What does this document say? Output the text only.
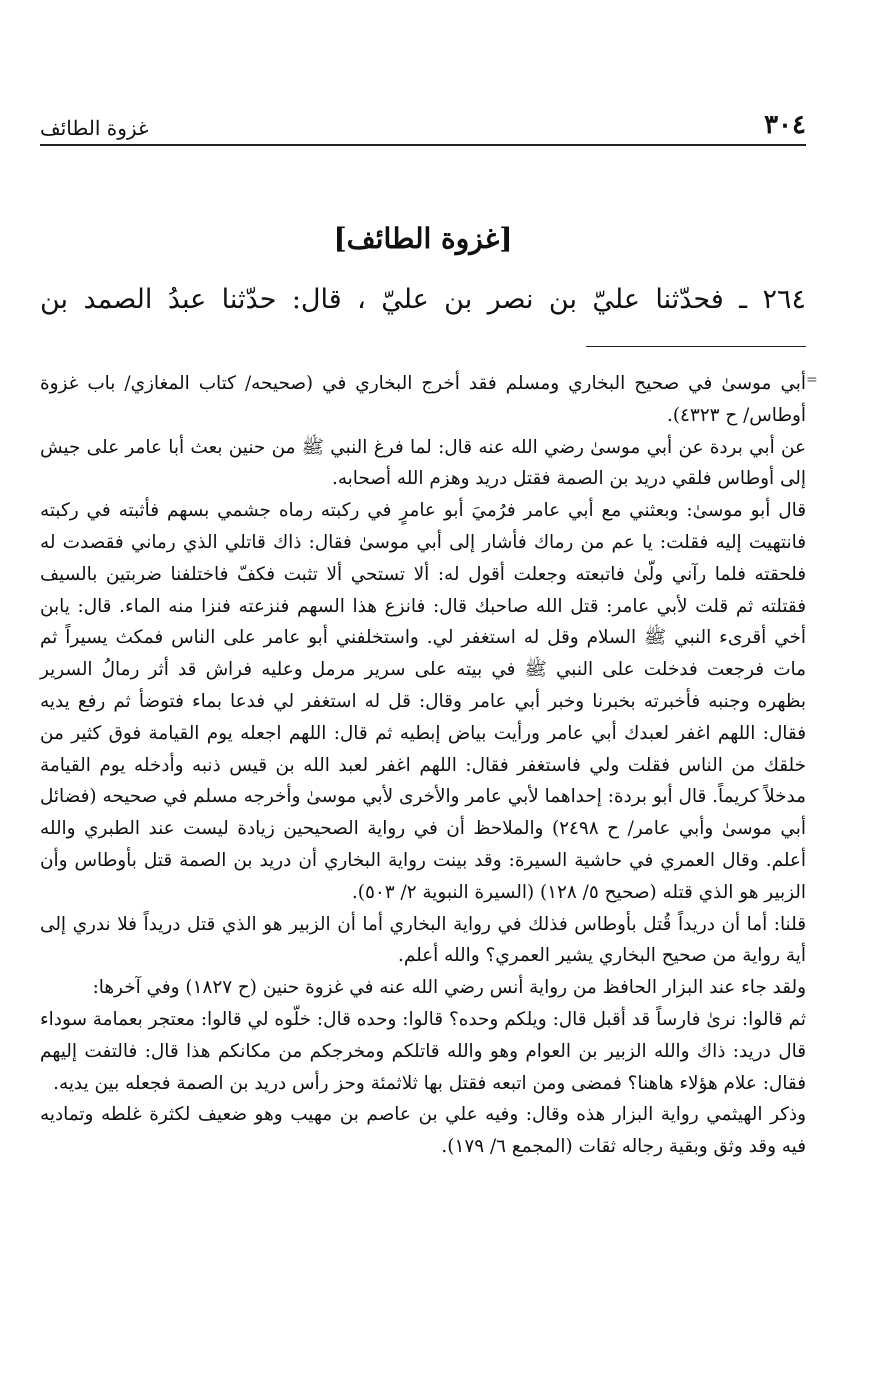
٣٠٤
غزوة الطائف
[غزوة الطائف]
٢٦٤ ـ فحدّثنا عليّ بن نصر بن عليّ ، قال: حدّثنا عبدُ الصمد بن
=

أبي موسىٰ في صحيح البخاري ومسلم فقد أخرج البخاري في (صحيحه/ كتاب المغازي/ باب غزوة أوطاس/ ح ٤٣٢٣).

عن أبي بردة عن أبي موسىٰ رضي الله عنه قال: لما فرغ النبي ﷺ من حنين بعث أبا عامر على جيش إلى أوطاس فلقي دريد بن الصمة فقتل دريد وهزم الله أصحابه.

قال أبو موسىٰ: وبعثني مع أبي عامر فرُميَ أبو عامرٍ في ركبته رماه جشمي بسهم فأثبته في ركبته فانتهيت إليه فقلت: يا عم من رماك فأشار إلى أبي موسىٰ فقال: ذاك قاتلي الذي رماني فقصدت له فلحقته فلما رآني ولّىٰ فاتبعته وجعلت أقول له: ألا تستحي ألا تثبت فكفّ فاختلفنا ضربتين بالسيف فقتلته ثم قلت لأبي عامر: قتل الله صاحبك قال: فانزع هذا السهم فنزعته فنزا منه الماء. قال: يابن أخي أقرىء النبي ﷺ السلام وقل له استغفر لي. واستخلفني أبو عامر على الناس فمكث يسيراً ثم مات فرجعت فدخلت على النبي ﷺ في بيته على سرير مرمل وعليه فراش قد أثر رمالُ السرير بظهره وجنبه فأخبرته بخبرنا وخبر أبي عامر وقال: قل له استغفر لي فدعا بماء فتوضأ ثم رفع يديه فقال: اللهم اغفر لعبدك أبي عامر ورأيت بياض إبطيه ثم قال: اللهم اجعله يوم القيامة فوق كثير من خلقك من الناس فقلت ولي فاستغفر فقال: اللهم اغفر لعبد الله بن قيس ذنبه وأدخله يوم القيامة مدخلاً كريماً. قال أبو بردة: إحداهما لأبي عامر والأخرى لأبي موسىٰ وأخرجه مسلم في صحيحه (فضائل أبي موسىٰ وأبي عامر/ ح ٢٤٩٨) والملاحظ أن في رواية الصحيحين زيادة ليست عند الطبري والله أعلم. وقال العمري في حاشية السيرة: وقد بينت رواية البخاري أن دريد بن الصمة قتل بأوطاس وأن الزبير هو الذي قتله (صحيح ٥/ ١٢٨) (السيرة النبوية ٢/ ٥٠٣).

قلنا: أما أن دريداً قُتل بأوطاس فذلك في رواية البخاري أما أن الزبير هو الذي قتل دريداً فلا ندري إلى أية رواية من صحيح البخاري يشير العمري؟ والله أعلم.

ولقد جاء عند البزار الحافظ من رواية أنس رضي الله عنه في غزوة حنين (ح ١٨٢٧) وفي آخرها:

ثم قالوا: نرىٰ فارساً قد أقبل قال: ويلكم وحده؟ قالوا: وحده قال: خلّوه لي قالوا: معتجر بعمامة سوداء قال دريد: ذاك والله الزبير بن العوام وهو والله قاتلكم ومخرجكم من مكانكم هذا قال: فالتفت إليهم فقال: علام هؤلاء هاهنا؟ فمضى ومن اتبعه فقتل بها ثلاثمئة وحز رأس دريد بن الصمة فجعله بين يديه.

وذكر الهيثمي رواية البزار هذه وقال: وفيه علي بن عاصم بن مهيب وهو ضعيف لكثرة غلطه وتماديه فيه وقد وثق وبقية رجاله ثقات (المجمع ٦/ ١٧٩).
